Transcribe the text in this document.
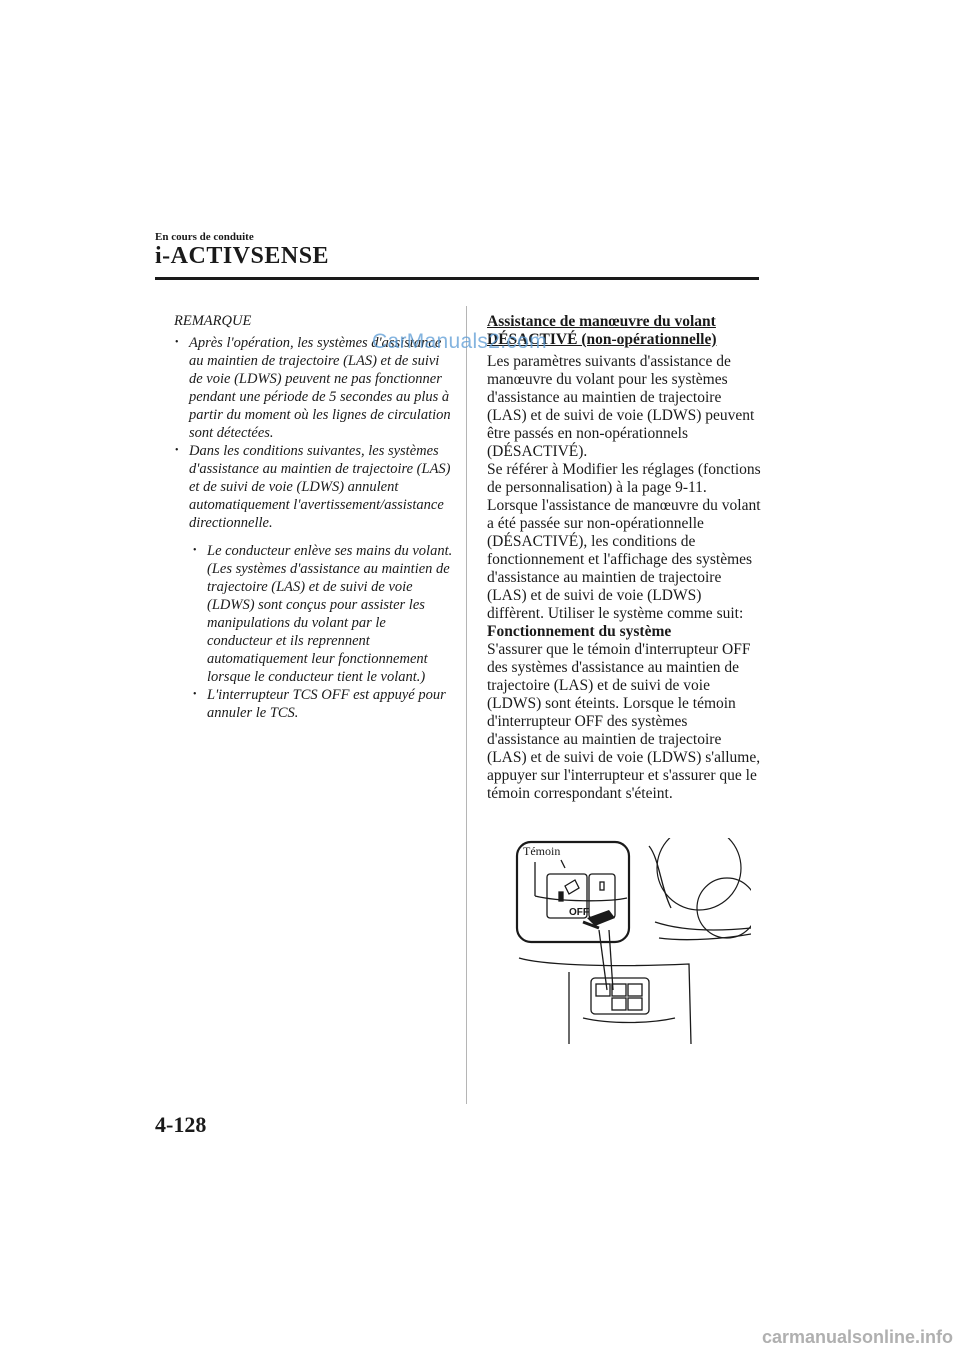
En cours de conduite
i-ACTIVSENSE
REMARQUE
• Après l'opération, les systèmes d'assistance au maintien de trajectoire (LAS) et de suivi de voie (LDWS) peuvent ne pas fonctionner pendant une période de 5 secondes au plus à partir du moment où les lignes de circulation sont détectées.
• Dans les conditions suivantes, les systèmes d'assistance au maintien de trajectoire (LAS) et de suivi de voie (LDWS) annulent automatiquement l'avertissement/assistance directionnelle.
• Le conducteur enlève ses mains du volant.
(Les systèmes d'assistance au maintien de trajectoire (LAS) et de suivi de voie (LDWS) sont conçus pour assister les manipulations du volant par le conducteur et ils reprennent automatiquement leur fonctionnement lorsque le conducteur tient le volant.)
• L'interrupteur TCS OFF est appuyé pour annuler le TCS.
Assistance de manœuvre du volant
DÉSACTIVÉ (non-opérationnelle)
Les paramètres suivants d'assistance de manœuvre du volant pour les systèmes d'assistance au maintien de trajectoire (LAS) et de suivi de voie (LDWS) peuvent être passés en non-opérationnels (DÉSACTIVÉ).
Se référer à Modifier les réglages (fonctions de personnalisation) à la page 9-11.
Lorsque l'assistance de manœuvre du volant a été passée sur non-opérationnelle (DÉSACTIVÉ), les conditions de fonctionnement et l'affichage des systèmes d'assistance au maintien de trajectoire (LAS) et de suivi de voie (LDWS) diffèrent. Utiliser le système comme suit:
Fonctionnement du système
S'assurer que le témoin d'interrupteur OFF des systèmes d'assistance au maintien de trajectoire (LAS) et de suivi de voie (LDWS) sont éteints. Lorsque le témoin d'interrupteur OFF des systèmes d'assistance au maintien de trajectoire (LAS) et de suivi de voie (LDWS) s'allume, appuyer sur l'interrupteur et s'assurer que le témoin correspondant s'éteint.
OFF
Témoin
4-128
CarManuals2.com
carmanualsonline.info
